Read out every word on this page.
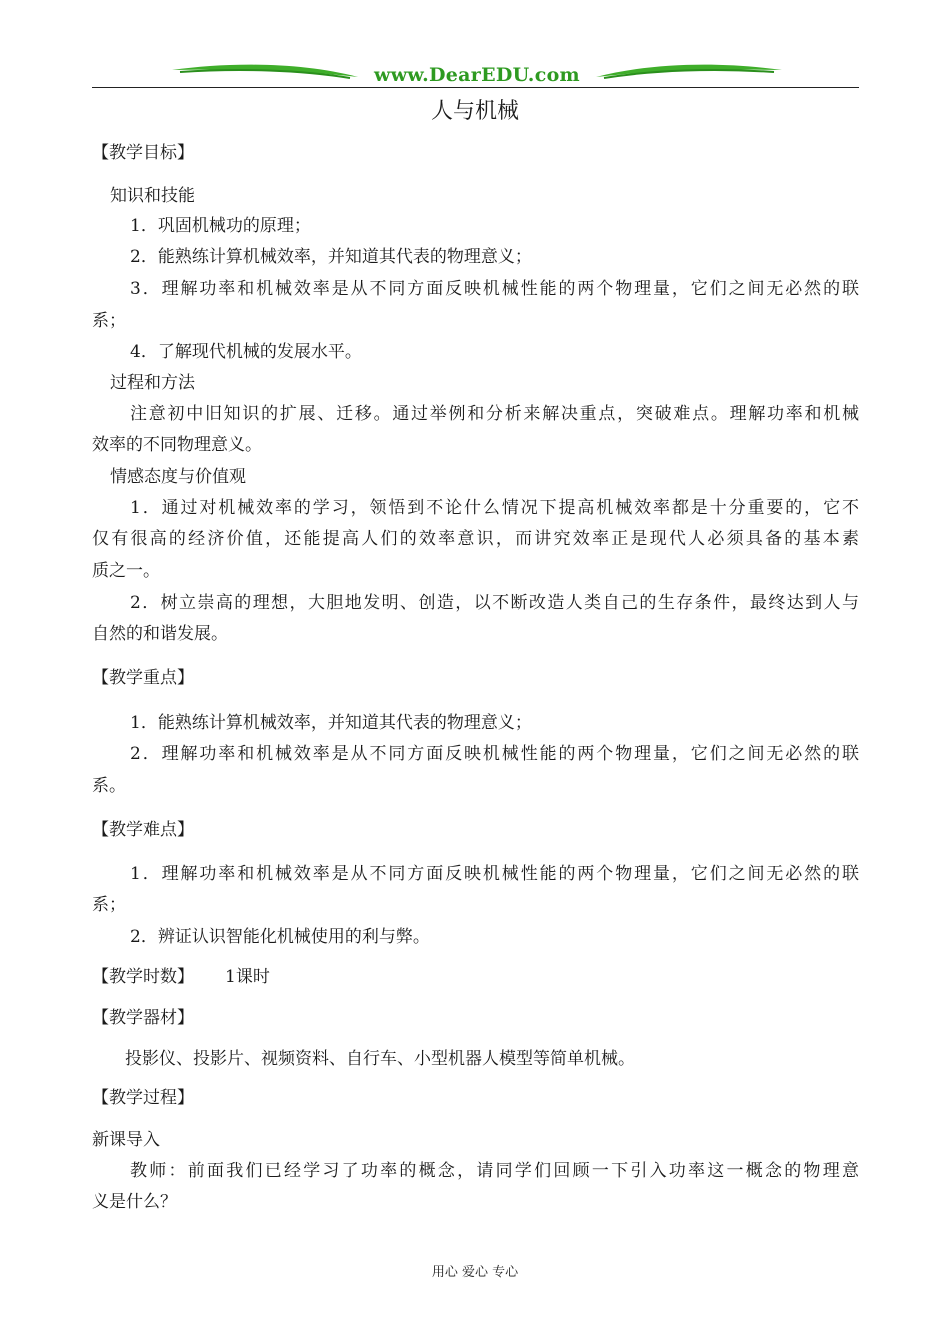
www.DearEDU.com
人与机械
【教学目标】
知识和技能
1．巩固机械功的原理；
2．能熟练计算机械效率，并知道其代表的物理意义；
3．理解功率和机械效率是从不同方面反映机械性能的两个物理量，它们之间无必然的联
系；
4．了解现代机械的发展水平。
过程和方法
注意初中旧知识的扩展、迁移。通过举例和分析来解决重点，突破难点。理解功率和机械
效率的不同物理意义。
情感态度与价值观
1．通过对机械效率的学习，领悟到不论什么情况下提高机械效率都是十分重要的，它不
仅有很高的经济价值，还能提高人们的效率意识，而讲究效率正是现代人必须具备的基本素
质之一。
2．树立崇高的理想，大胆地发明、创造，以不断改造人类自己的生存条件，最终达到人与
自然的和谐发展。
【教学重点】
1．能熟练计算机械效率，并知道其代表的物理意义；
2．理解功率和机械效率是从不同方面反映机械性能的两个物理量，它们之间无必然的联
系。
【教学难点】
1．理解功率和机械效率是从不同方面反映机械性能的两个物理量，它们之间无必然的联
系；
2．辨证认识智能化机械使用的利与弊。
【教学时数】 1课时
【教学器材】
投影仪、投影片、视频资料、自行车、小型机器人模型等简单机械。
【教学过程】
新课导入
教师：前面我们已经学习了功率的概念，请同学们回顾一下引入功率这一概念的物理意
义是什么？
用心 爱心 专心
